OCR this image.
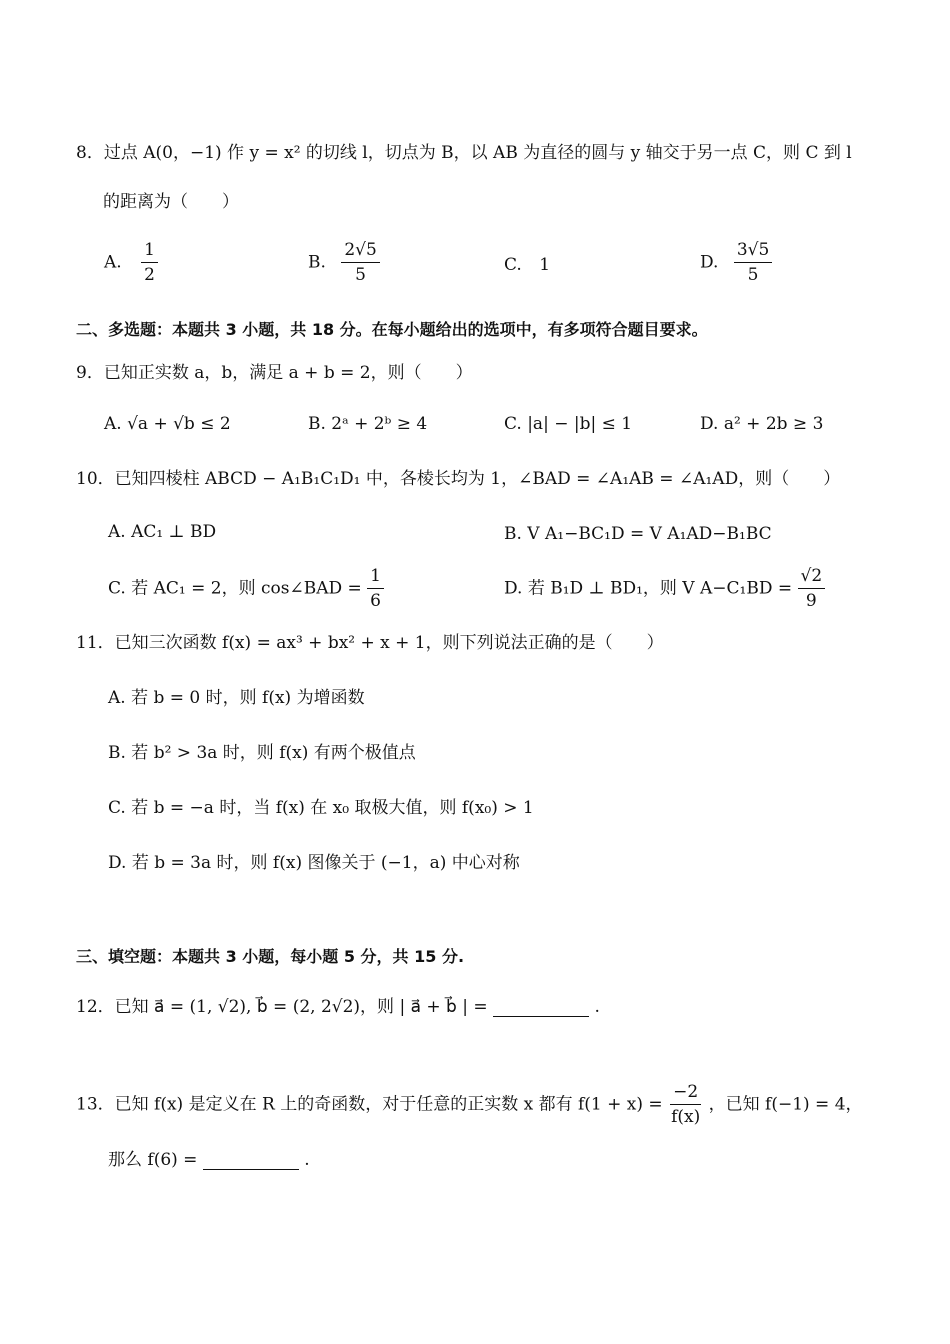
8．过点 A(0，−1) 作 y = x² 的切线 l，切点为 B，以 AB 为直径的圆与 y 轴交于另一点 C，则 C 到 l
的距离为（　　）
A. $\frac{1}{2}$	B. $\frac{2√5}{5}$	C. 1	D. $\frac{3√5}{5}$
二、多选题：本题共 3 小题，共 18 分。在每小题给出的选项中，有多项符合题目要求。
9．已知正实数 a，b，满足 a + b = 2，则（　　）
A. √a + √b ≤ 2	B. 2ᵃ + 2ᵇ ≥ 4	C. |a| − |b| ≤ 1	D. a² + 2b ≥ 3
10．已知四棱柱 ABCD − A₁B₁C₁D₁ 中，各棱长均为 1，∠BAD = ∠A₁AB = ∠A₁AD，则（　　）
A. AC₁ ⊥ BD	B. V A₁−BC₁D = V A₁AD−B₁BC
C. 若 AC₁ = 2，则 cos∠BAD = $\frac{1}{6}$	D. 若 B₁D ⊥ BD₁，则 V $A-C_1BD = \frac{√2}{9}$
11．已知三次函数 f(x) = ax³ + bx² + x + 1，则下列说法正确的是（　　）
A. 若 b = 0 时，则 f(x) 为增函数
B. 若 b² > 3a 时，则 f(x) 有两个极值点
C. 若 b = −a 时，当 f(x) 在 x₀ 取极大值，则 f(x₀) > 1
D. 若 b = 3a 时，则 f(x) 图像关于 (−1，a) 中心对称
三、填空题：本题共 3 小题，每小题 5 分，共 15 分.
12．已知 a⃗ = (1, √2), b⃗ = (2, 2√2)，则 | a⃗ + b⃗ | =	.
13．已知 f(x) 是定义在 R 上的奇函数，对于任意的正实数 x 都有 $f(1 + x) = \frac{-2}{f(x)}$ ，已知 f(−1) = 4，
那么 f(6) =	.
